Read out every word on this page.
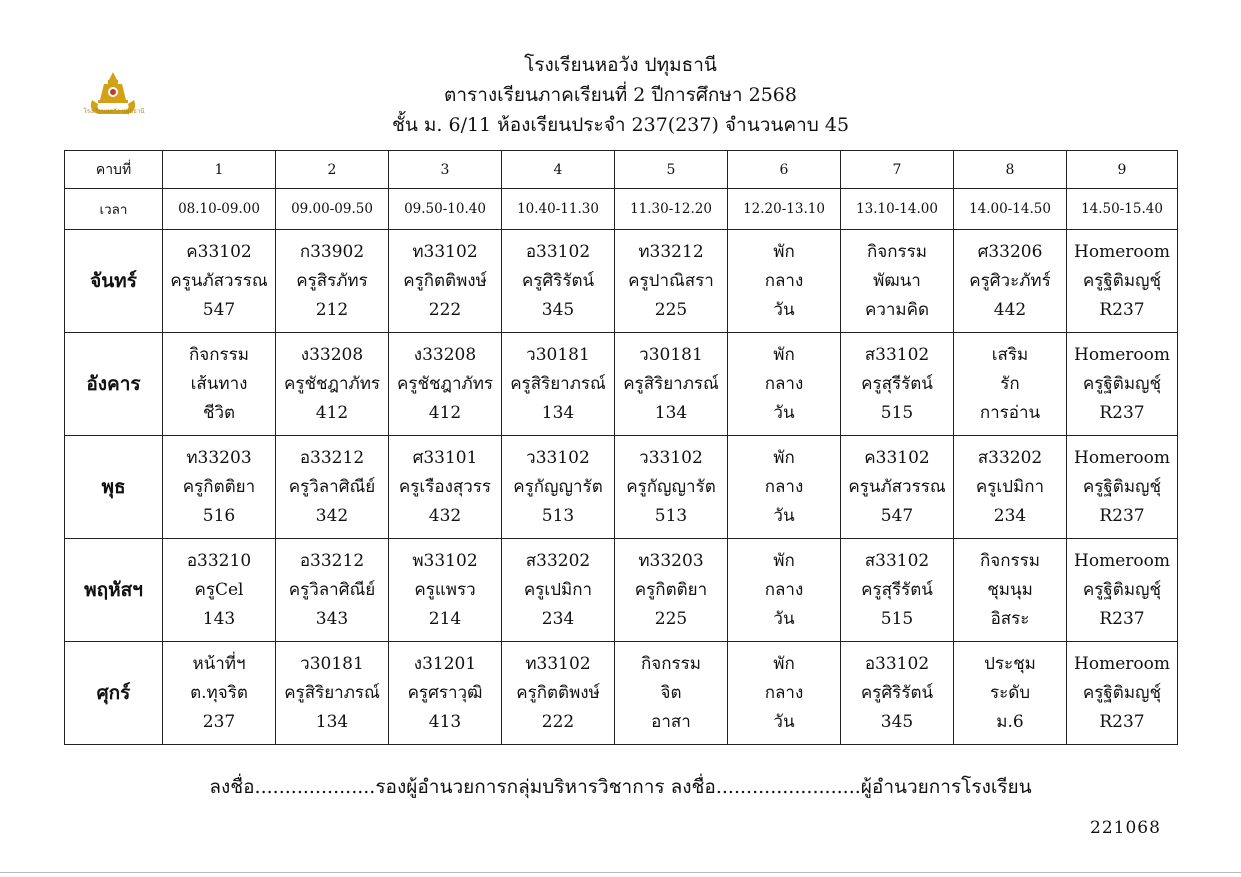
โรงเรียนหอวัง ปทุมธานี
โรงเรียนหอวัง ปทุมธานี
ตารางเรียนภาคเรียนที่ 2 ปีการศึกษา 2568
ชั้น ม. 6/11 ห้องเรียนประจำ 237(237) จำนวนคาบ 45
คาบที่	1	2	3	4	5	6	7	8	9
เวลา	08.10-09.00	09.00-09.50	09.50-10.40	10.40-11.30	11.30-12.20	12.20-13.10	13.10-14.00	14.00-14.50	14.50-15.40
จันทร์	ค33102
ครูนภัสวรรณ
547	ก33902
ครูสิรภัทร
212	ท33102
ครูกิตติพงษ์
222	อ33102
ครูศิริรัตน์
345	ท33212
ครูปาณิสรา
225	พัก
กลาง
วัน	กิจกรรม
พัฒนา
ความคิด	ศ33206
ครูศิวะภัทร์
442	Homeroom
ครูฐิติมญชุ์
R237

อังคาร	กิจกรรม
เส้นทาง
ชีวิต	ง33208
ครูชัชฎาภัทร
412	ง33208
ครูชัชฎาภัทร
412	ว30181
ครูสิริยาภรณ์
134	ว30181
ครูสิริยาภรณ์
134	พัก
กลาง
วัน	ส33102
ครูสุรีรัตน์
515	เสริม
รัก
การอ่าน	Homeroom
ครูฐิติมญชุ์
R237

พุธ	ท33203
ครูกิตติยา
516	อ33212
ครูวิลาศิณีย์
342	ศ33101
ครูเรืองสุวรร
432	ว33102
ครูกัญญารัต
513	ว33102
ครูกัญญารัต
513	พัก
กลาง
วัน	ค33102
ครูนภัสวรรณ
547	ส33202
ครูเปมิกา
234	Homeroom
ครูฐิติมญชุ์
R237

พฤหัสฯ	อ33210
ครูCel
143	อ33212
ครูวิลาศิณีย์
343	พ33102
ครูแพรว
214	ส33202
ครูเปมิกา
234	ท33203
ครูกิตติยา
225	พัก
กลาง
วัน	ส33102
ครูสุรีรัตน์
515	กิจกรรม
ชุมนุม
อิสระ	Homeroom
ครูฐิติมญชุ์
R237

ศุกร์	หน้าที่ฯ
ต.ทุจริต
237	ว30181
ครูสิริยาภรณ์
134	ง31201
ครูศราวุฒิ
413	ท33102
ครูกิตติพงษ์
222	กิจกรรม
จิต
อาสา	พัก
กลาง
วัน	อ33102
ครูศิริรัตน์
345	ประชุม
ระดับ
ม.6	Homeroom
ครูฐิติมญชุ์
R237
ลงชื่อ....................รองผู้อำนวยการกลุ่มบริหารวิชาการ ลงชื่อ........................ผู้อำนวยการโรงเรียน
221068
